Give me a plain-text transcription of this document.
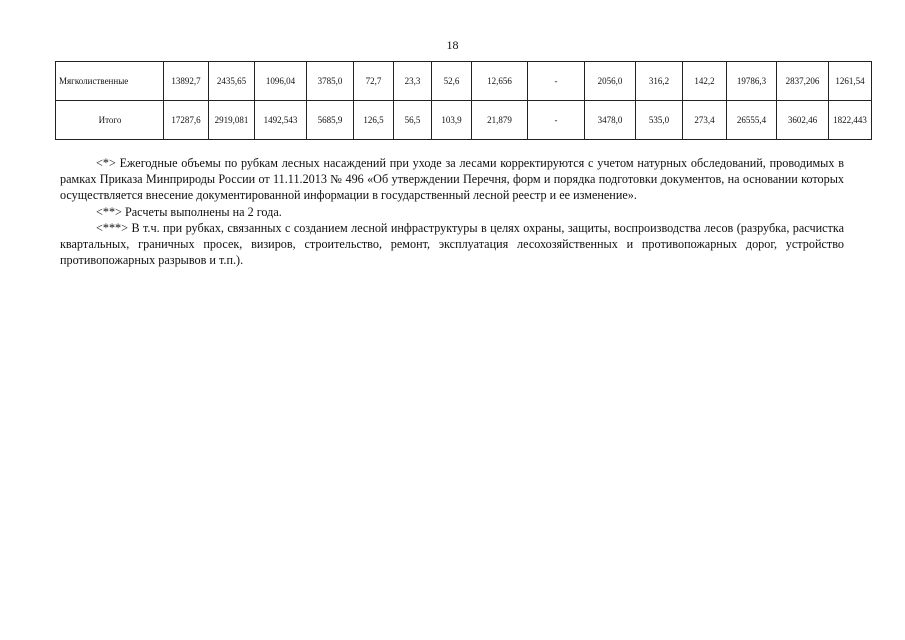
18
Мягколиственные	13892,7	2435,65	1096,04	3785,0	72,7	23,3	52,6	12,656	-	2056,0	316,2	142,2	19786,3	2837,206	1261,54
Итого	17287,6	2919,081	1492,543	5685,9	126,5	56,5	103,9	21,879	-	3478,0	535,0	273,4	26555,4	3602,46	1822,443

<*> Ежегодные объемы по рубкам лесных насаждений при уходе за лесами корректируются с учетом натурных обследований, проводимых в рамках Приказа Минприроды России от 11.11.2013 № 496 «Об утверждении Перечня, форм и порядка подготовки документов, на основании которых осуществляется внесение документированной информации в государственный лесной реестр и ее изменение».

<**> Расчеты выполнены на 2 года.

<***> В т.ч. при рубках, связанных с созданием лесной инфраструктуры в целях охраны, защиты, воспроизводства лесов (разрубка, расчистка квартальных, граничных просек, визиров, строительство, ремонт, эксплуатация лесохозяйственных и противопожарных дорог, устройство противопожарных разрывов и т.п.).
